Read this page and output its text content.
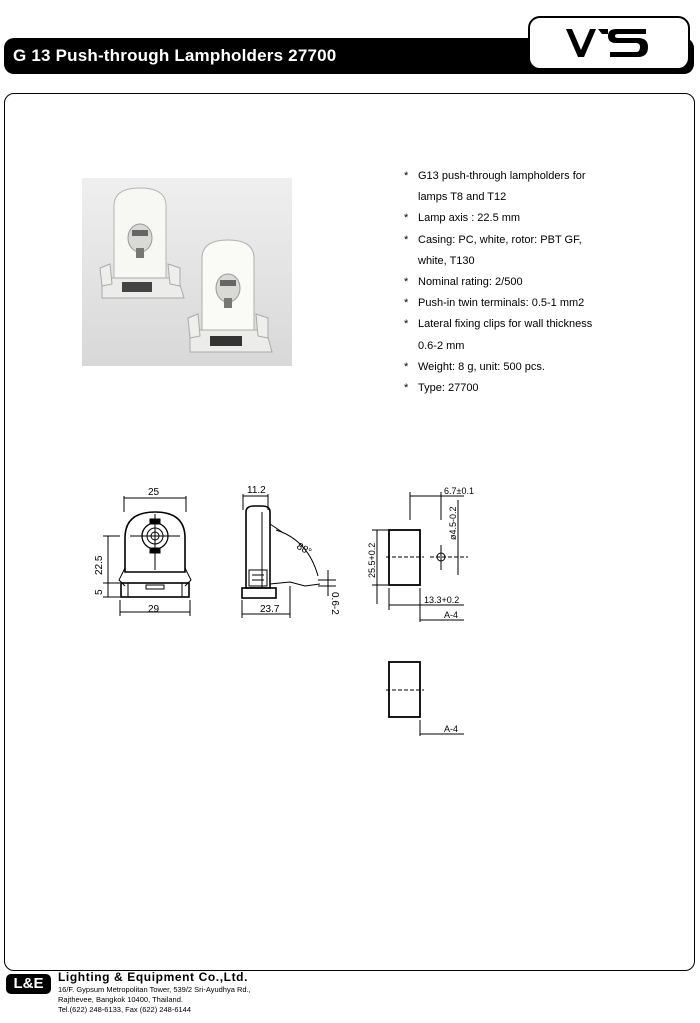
G 13 Push-through Lampholders 27700
* G13 push-through lampholders for
lamps T8 and T12
* Lamp axis : 22.5 mm
* Casing: PC, white, rotor: PBT GF,
white, T130
* Nominal rating: 2/500
* Push-in twin terminals: 0.5-1 mm2
* Lateral fixing clips for wall thickness
0.6-2 mm
* Weight: 8 g, unit: 500 pcs.
* Type: 27700
25
22.5
5
29
11.2
88°
23.7	0.6-2
6.7±0.1
ø4.5-0.2
25.5+0.2
13.3+0.2
A-4
A-4
L&E	Lighting & Equipment Co.,Ltd.
16/F. Gypsum Metropolitan Tower, 539/2 Sri-Ayudhya Rd.,
Rajthevee, Bangkok 10400, Thailand.
Tel.(622) 248-6133, Fax (622) 248-6144
